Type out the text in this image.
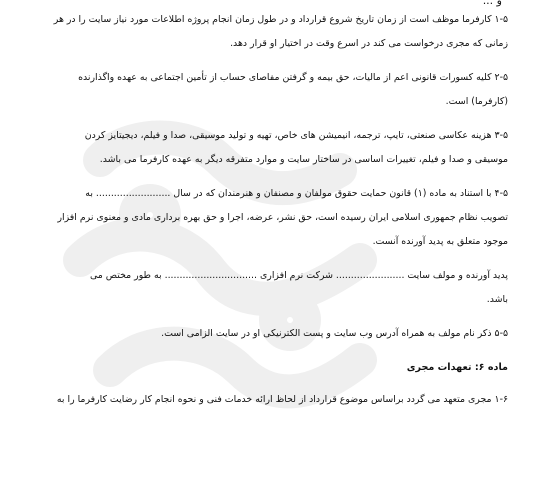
ﻭ ...

۱-۵ کارفرما موظف است از زمان تاریخ شروع قرارداد و در طول زمان انجام پروژه اطلاعات مورد نیاز سایت را در هر
زمانی که مجری درخواست می کند در اسرع وقت در اختیار او قرار دهد.
۲-۵ کلیه کسورات قانونی اعم از مالیات، حق بیمه و گرفتن مفاصای حساب از تأمین اجتماعی به عهده واگذارنده
(کارفرما) است.
۳-۵ هزینه عکاسی صنعتی، تایپ، ترجمه، انیمیشن های خاص، تهیه و تولید موسیقی، صدا و فیلم، دیجیتایز کردن
موسیقی و صدا و فیلم، تغییرات اساسی در ساختار سایت و موارد متفرقه دیگر به عهده کارفرما می باشد.
۴-۵ با استناد به ماده (۱) قانون حمایت حقوق مولفان و مصنفان و هنرمندان که در سال ......................... به
تصویب نظام جمهوری اسلامی ایران رسیده است، حق نشر، عرضه، اجرا و حق بهره برداری مادی و معنوی نرم افزار
موجود متعلق به پدید آورنده آنست.
پدید آورنده و مولف سایت ....................... شرکت نرم افزاری ............................... به طور مختص می
باشد.
۵-۵ ذکر نام مولف به همراه آدرس وب سایت و پست الکترنیکی او در سایت الزامی است.
ماده ۶: تعهدات مجری
۱-۶ مجری متعهد می گردد براساس موضوع قرارداد از لحاظ ارائه خدمات فنی و نحوه انجام کار رضایت کارفرما را به
